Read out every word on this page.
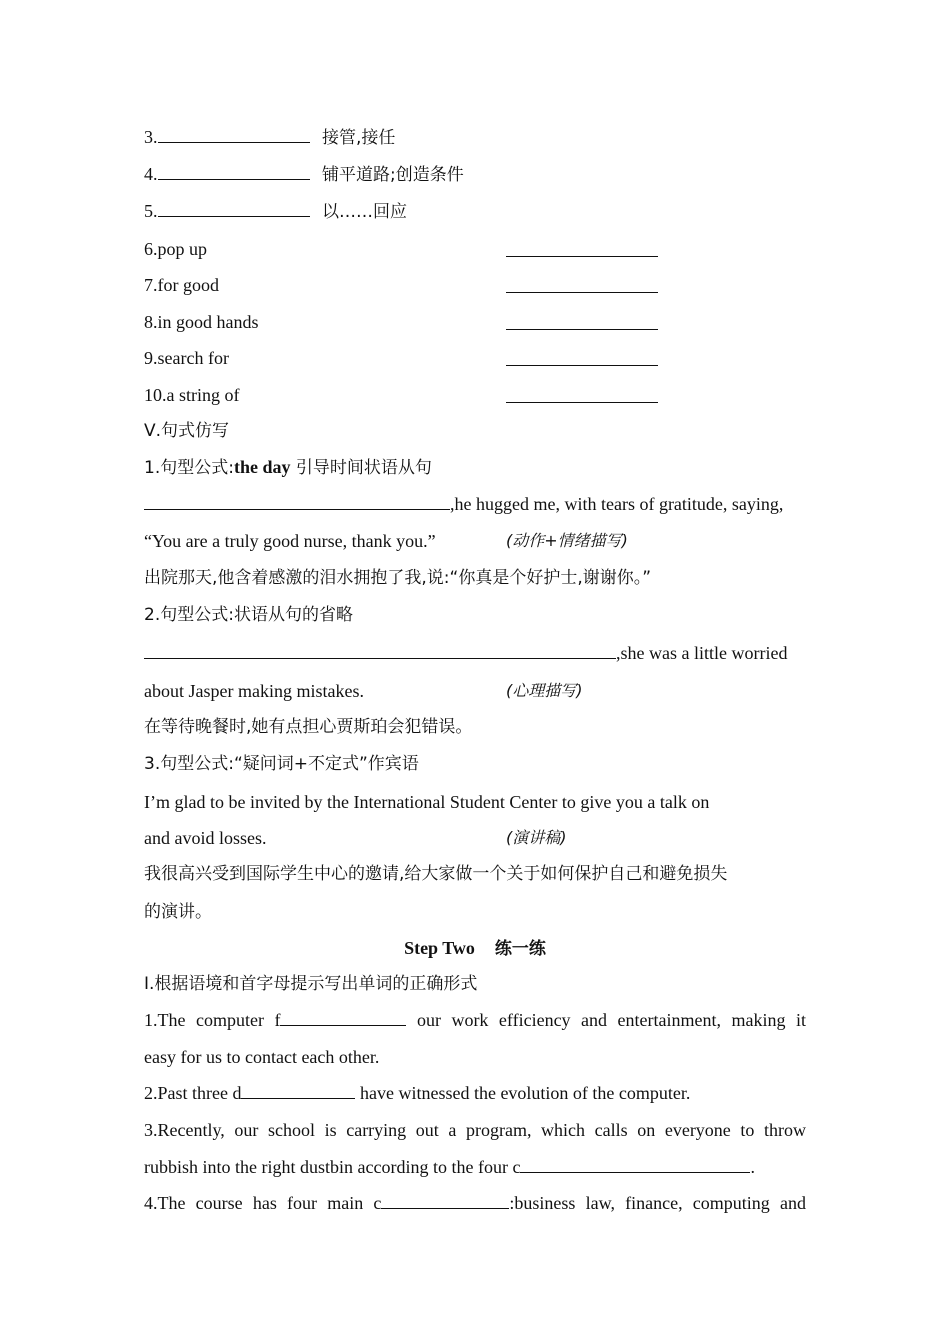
3.	接管,接任
4.	铺平道路;创造条件
5.	以……回应
6.pop up
7.for good
8.in good hands
9.search for
10.a string of
Ⅴ.句式仿写
1.句型公式:the day 引导时间状语从句
,he hugged me, with tears of gratitude, saying,
“You are a truly good nurse, thank you.”	(动作+情绪描写)
出院那天,他含着感激的泪水拥抱了我,说:“你真是个好护士,谢谢你。”
2.句型公式:状语从句的省略
,she was a little worried
about Jasper making mistakes.	(心理描写)
在等待晚餐时,她有点担心贾斯珀会犯错误。
3.句型公式:“疑问词+不定式”作宾语
I’m glad to be invited by the International Student Center to give you a talk on
and avoid losses.	(演讲稿)
我很高兴受到国际学生中心的邀请,给大家做一个关于如何保护自己和避免损失
的演讲。
Step Two 练一练
Ⅰ.根据语境和首字母提示写出单词的正确形式
1.The computer f	our work efficiency and entertainment, making it
easy for us to contact each other.
2.Past three d	have witnessed the evolution of the computer.
3.Recently, our school is carrying out a program, which calls on everyone to throw
rubbish into the right dustbin according to the four c	.
4.The course has four main c	:business law, finance, computing and
